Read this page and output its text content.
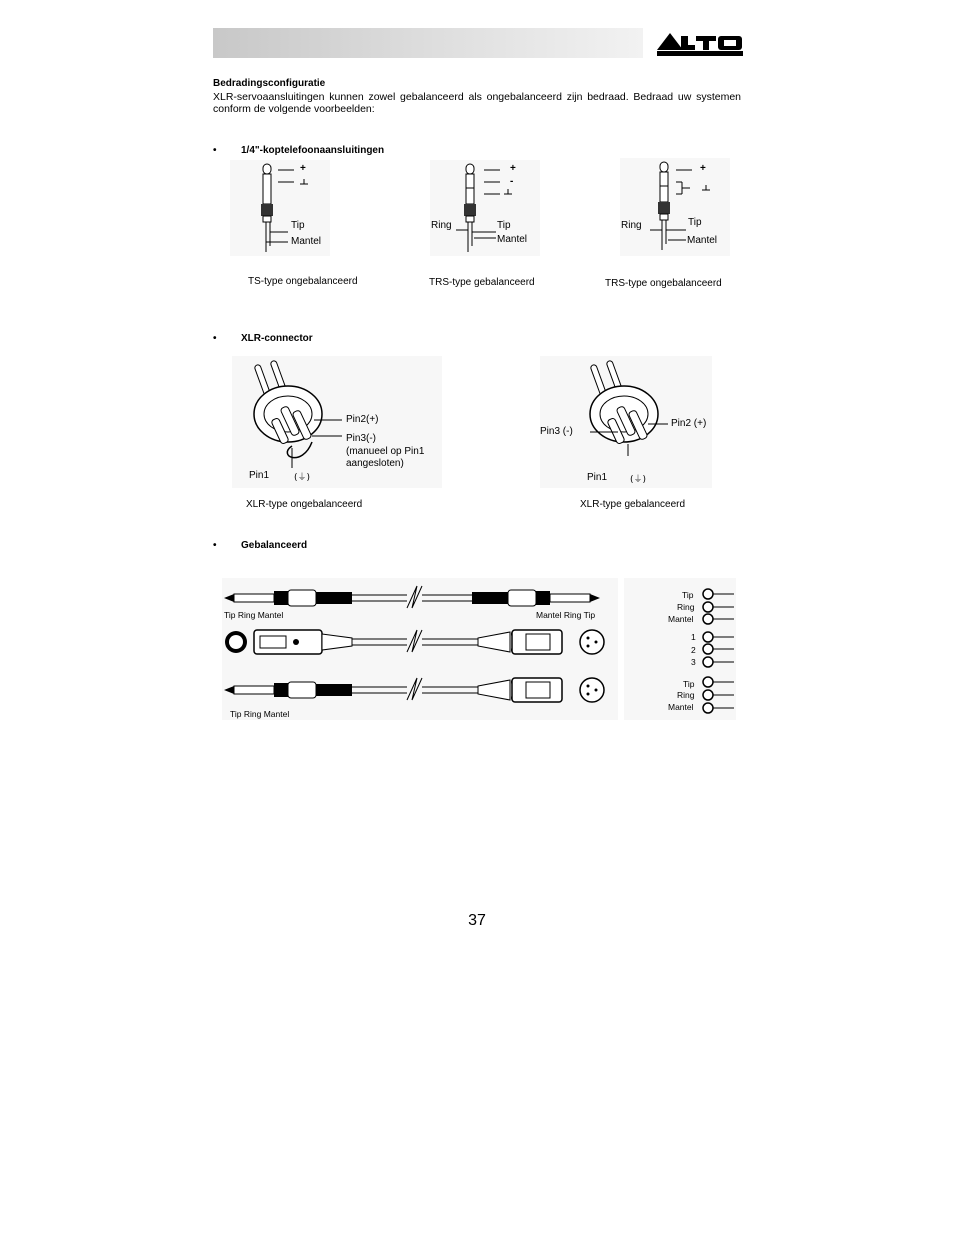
Bedradingsconfiguratie
XLR-servoaansluitingen kunnen zowel gebalanceerd als ongebalanceerd zijn bedraad. Bedraad uw systemen conform de volgende voorbeelden:
• 1/4"-koptelefoonaansluitingen
+
Tip
Mantel
TS-type ongebalanceerd
+
-
Ring	Tip
Mantel
TRS-type gebalanceerd
+
Ring	Tip
Mantel
TRS-type ongebalanceerd
• XLR-connector
(⏚)
Pin2(+)
Pin3(-)
(manueel op Pin1
aangesloten)
Pin1
XLR-type ongebalanceerd
(⏚)
Pin3 (-)
Pin2 (+)
Pin1
XLR-type gebalanceerd
• Gebalanceerd
Tip Ring Mantel	Mantel Ring Tip
Tip Ring Mantel
Tip
Ring
Mantel
1
2
3
Tip
Ring
Mantel
37
